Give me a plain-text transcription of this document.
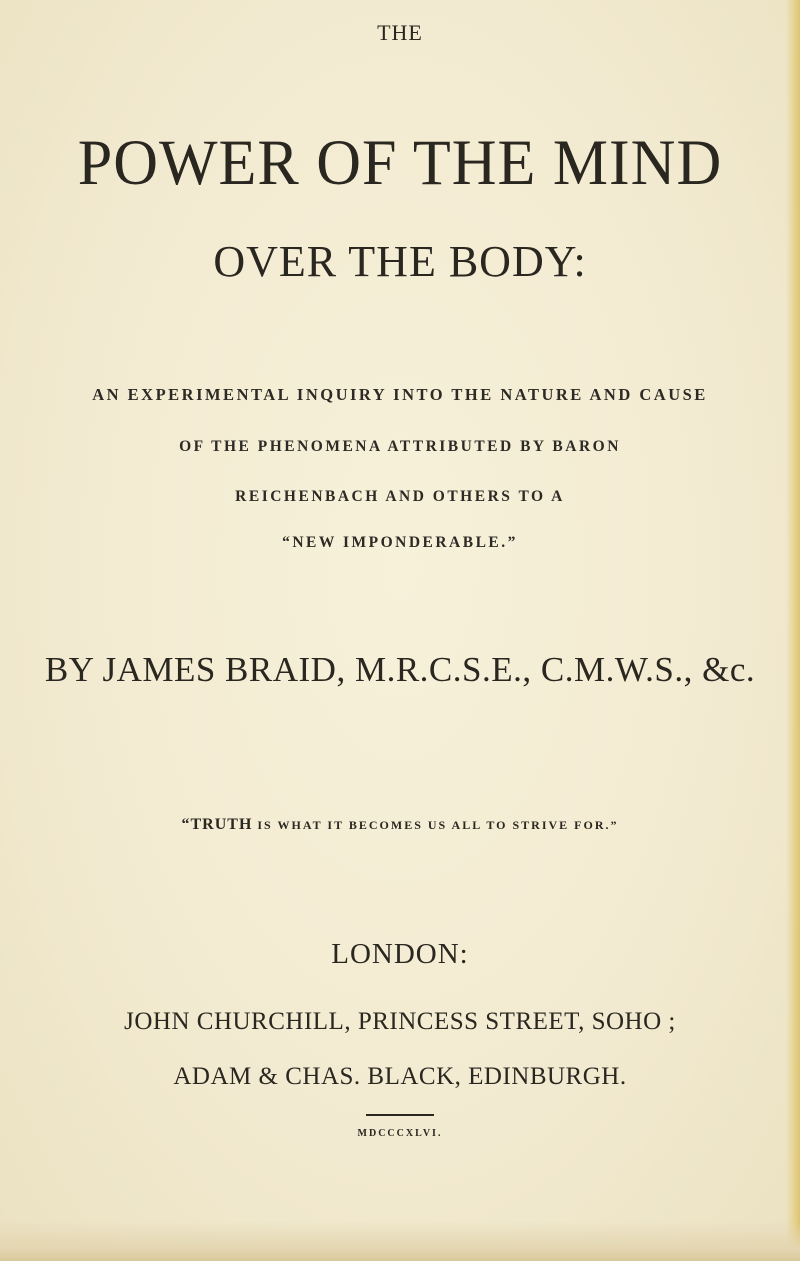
THE
POWER OF THE MIND
OVER THE BODY:
AN EXPERIMENTAL INQUIRY INTO THE NATURE AND CAUSE
OF THE PHENOMENA ATTRIBUTED BY BARON
REICHENBACH AND OTHERS TO A
“NEW IMPONDERABLE.”
BY JAMES BRAID, M.R.C.S.E., C.M.W.S., &c.
“TRUTH IS WHAT IT BECOMES US ALL TO STRIVE FOR.”
LONDON:
JOHN CHURCHILL, PRINCESS STREET, SOHO ;
ADAM & CHAS. BLACK, EDINBURGH.
MDCCCXLVI.
